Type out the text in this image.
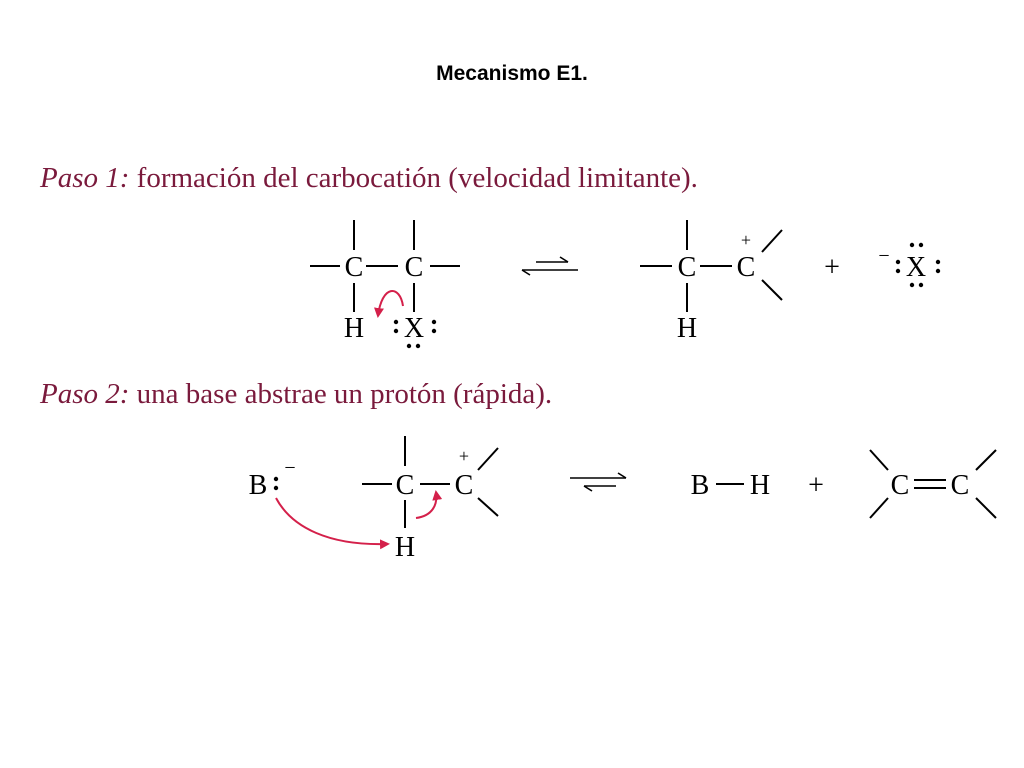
Mecanismo E1.
Paso 1: formación del carbocatión (velocidad limitante).
Paso 2: una base abstrae un protón (rápida).
C C
H X
C C
H
+
+ − X
B
−
C C
H
+
B H + C C
